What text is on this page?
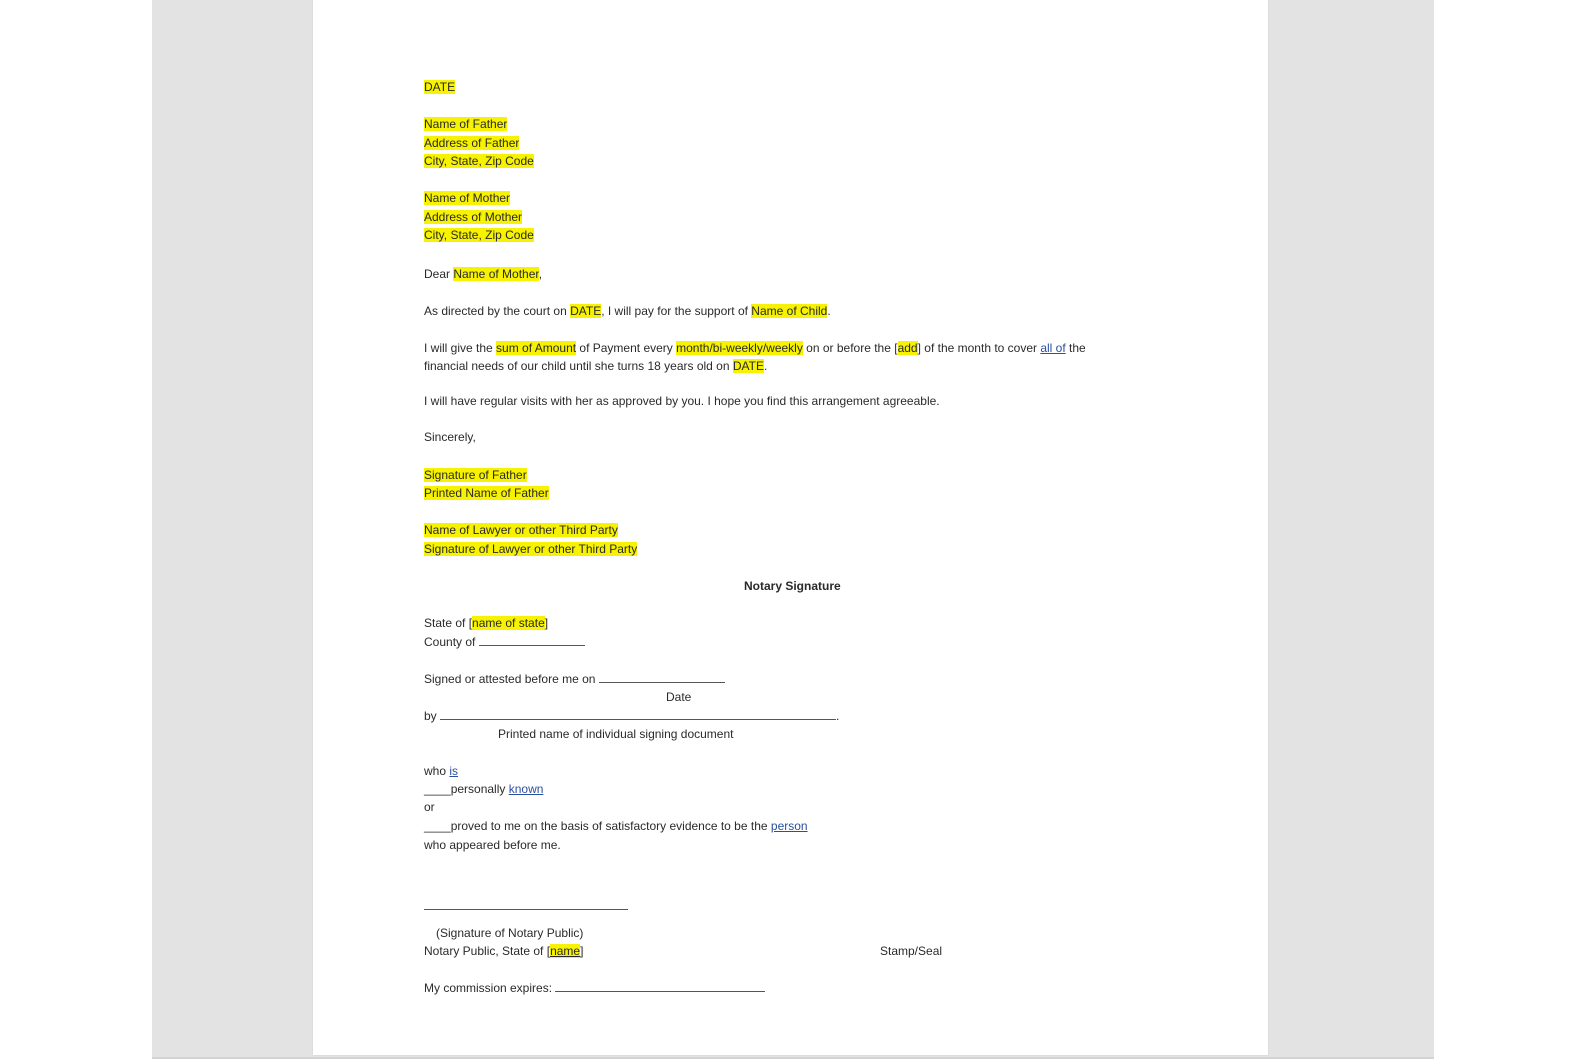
DATE
Name of Father
Address of Father
City, State, Zip Code
Name of Mother
Address of Mother
City, State, Zip Code
Dear Name of Mother,
As directed by the court on DATE, I will pay for the support of Name of Child.
I will give the sum of Amount of Payment every month/bi-weekly/weekly on or before the [add] of the month to cover all of the
financial needs of our child until she turns 18 years old on DATE.
I will have regular visits with her as approved by you. I hope you find this arrangement agreeable.
Sincerely,
Signature of Father
Printed Name of Father
Name of Lawyer or other Third Party
Signature of Lawyer or other Third Party
Notary Signature
State of [name of state]
County of
Signed or attested before me on
Date
by	.
Printed name of individual signing document
who is
____personally known
or
____proved to me on the basis of satisfactory evidence to be the person
who appeared before me.
(Signature of Notary Public)
Notary Public, State of [name]	Stamp/Seal
My commission expires:
